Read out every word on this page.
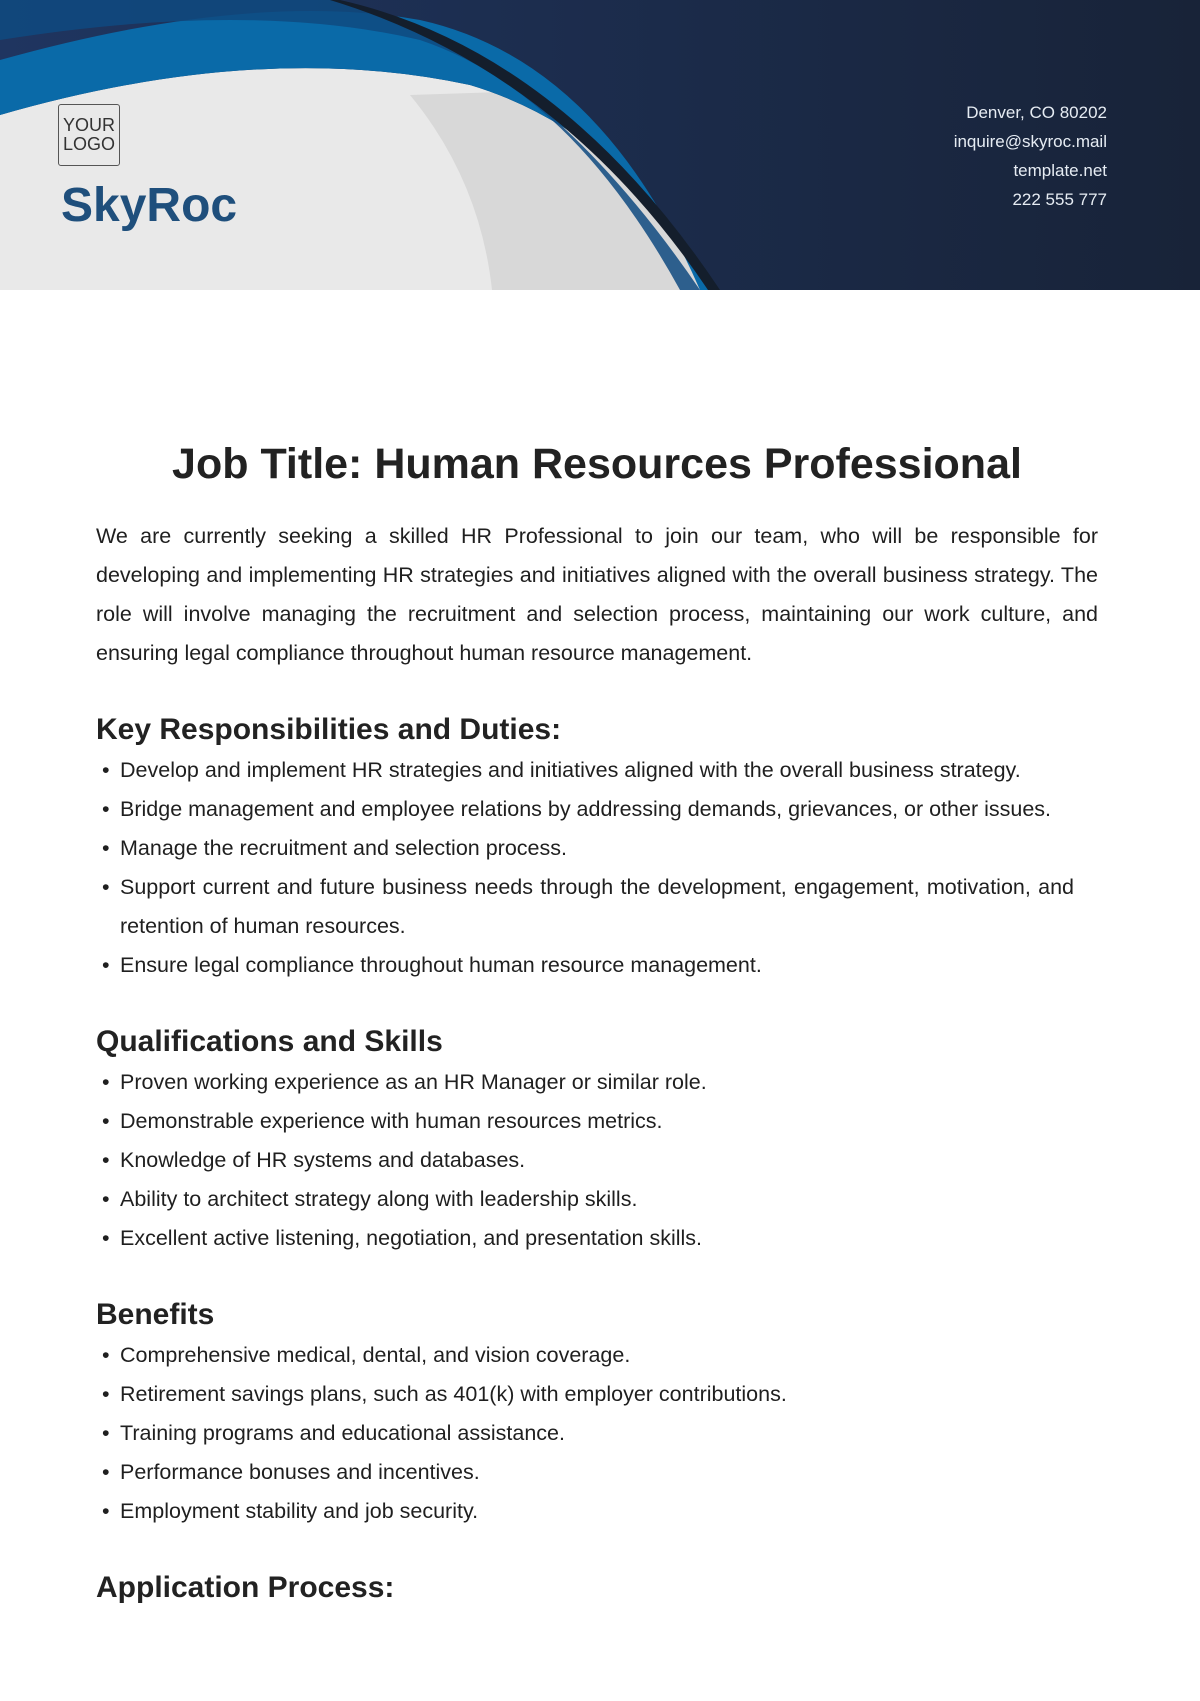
YOUR
LOGO
SkyRoc
Denver, CO 80202
inquire@skyroc.mail
template.net
222 555 777
Job Title: Human Resources Professional

We are currently seeking a skilled HR Professional to join our team, who will be responsible for developing and implementing HR strategies and initiatives aligned with the overall business strategy. The role will involve managing the recruitment and selection process, maintaining our work culture, and ensuring legal compliance throughout human resource management.

Key Responsibilities and Duties:
• Develop and implement HR strategies and initiatives aligned with the overall business strategy.
• Bridge management and employee relations by addressing demands, grievances, or other issues.
• Manage the recruitment and selection process.
• Support current and future business needs through the development, engagement, motivation, and retention of human resources.
• Ensure legal compliance throughout human resource management.
Qualifications and Skills
• Proven working experience as an HR Manager or similar role.
• Demonstrable experience with human resources metrics.
• Knowledge of HR systems and databases.
• Ability to architect strategy along with leadership skills.
• Excellent active listening, negotiation, and presentation skills.
Benefits
• Comprehensive medical, dental, and vision coverage.
• Retirement savings plans, such as 401(k) with employer contributions.
• Training programs and educational assistance.
• Performance bonuses and incentives.
• Employment stability and job security.
Application Process:
